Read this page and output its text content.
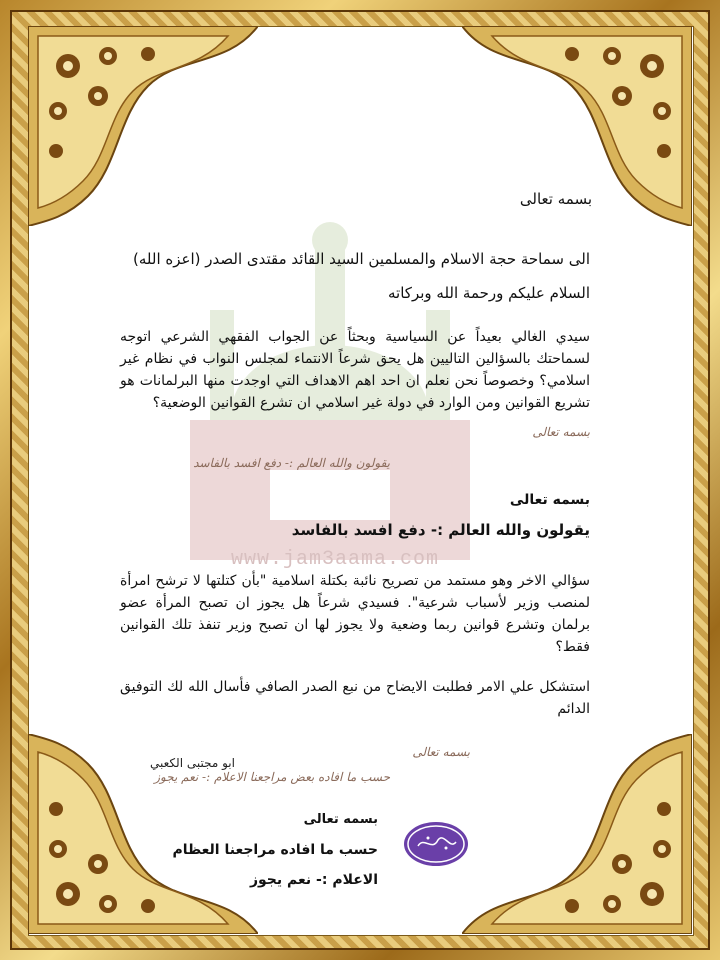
www.jam3aama.com
بسمه تعالى
الى سماحة حجة الاسلام والمسلمين السيد القائد مقتدى الصدر (اعزه الله)
السلام عليكم ورحمة الله وبركاته
سيدي الغالي بعيداً عن السياسية وبحثاً عن الجواب الفقهي الشرعي اتوجه لسماحتك بالسؤالين التاليين هل يحق شرعاً الانتماء لمجلس النواب في نظام غير اسلامي؟ وخصوصاً نحن نعلم ان احد اهم الاهداف التي اوجدت منها البرلمانات هو تشريع القوانين ومن الوارد في دولة غير اسلامي ان تشرع القوانين الوضعية؟
بسمه تعالى
يقولون والله العالم :- دفع افسد بالفاسد
بسمه تعالى
يقولون والله العالم :- دفع افسد بالفاسد
سؤالي الاخر وهو مستمد من تصريح نائبة بكتلة اسلامية "بأن كتلتها لا ترشح امرأة لمنصب وزير لأسباب شرعية". فسيدي شرعاً هل يجوز ان تصبح المرأة عضو برلمان وتشرع قوانين ربما وضعية ولا يجوز لها ان تصبح وزير تنفذ تلك القوانين فقط؟
استشكل علي الامر فطلبت الايضاح من نبع الصدر الصافي فأسال الله لك التوفيق الدائم
بسمه تعالى
حسب ما افاده بعض مراجعنا الاعلام :- نعم يجوز
ابو مجتبى الكعبي
بسمه تعالى
حسب ما افاده مراجعنا العظام
الاعلام :- نعم يجوز
